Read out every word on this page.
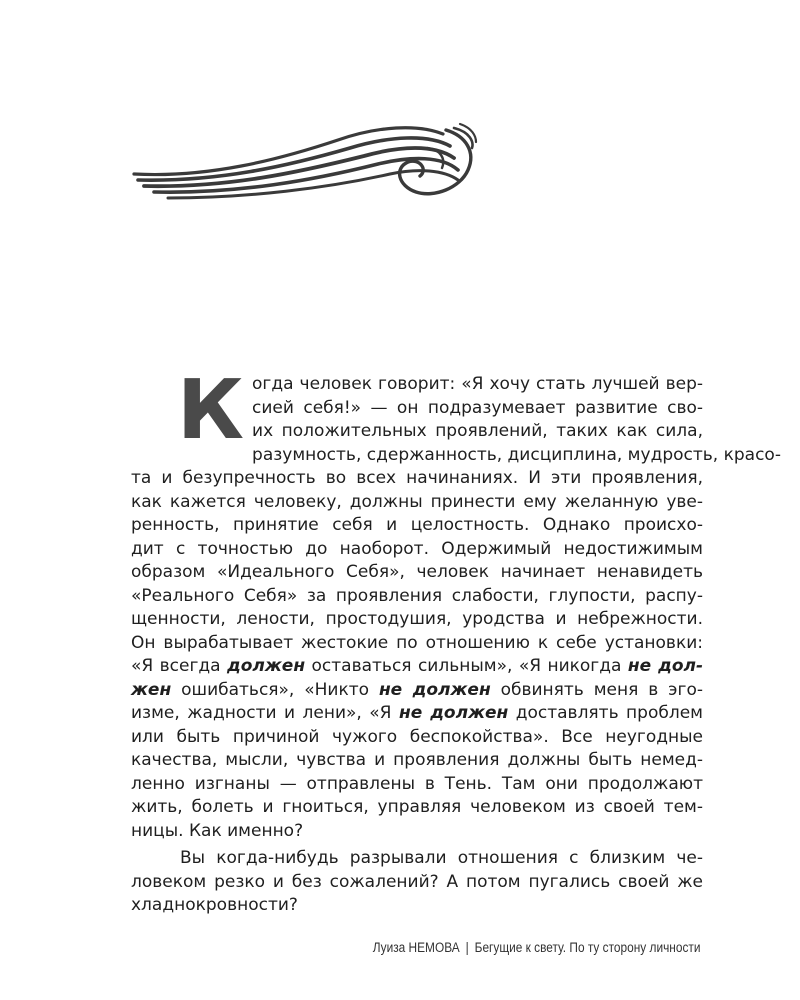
К огда человек говорит: «Я хочу стать лучшей вер-
сией себя!» — он подразумевает развитие сво-
их положительных проявлений, таких как сила,
разумность, сдержанность, дисциплина, мудрость, красо-
та и безупречность во всех начинаниях. И эти проявления,
как кажется человеку, должны принести ему желанную уве-
ренность, принятие себя и целостность. Однако происхо-
дит с точностью до наоборот. Одержимый недостижимым
образом «Идеального Себя», человек начинает ненавидеть
«Реального Себя» за проявления слабости, глупости, распу-
щенности, лености, простодушия, уродства и небрежности.
Он вырабатывает жестокие по отношению к себе установки:
«Я всегда должен оставаться сильным», «Я никогда не дол-
жен ошибаться», «Никто не должен обвинять меня в эго-
изме, жадности и лени», «Я не должен доставлять проблем
или быть причиной чужого беспокойства». Все неугодные
качества, мысли, чувства и проявления должны быть немед-
ленно изгнаны — отправлены в Тень. Там они продолжают
жить, болеть и гноиться, управляя человеком из своей тем-
ницы. Как именно?

Вы когда-нибудь разрывали отношения с близким че-
ловеком резко и без сожалений? А потом пугались своей же
хладнокровности?

Луиза НЕМОВА | Бегущие к свету. По ту сторону личности
